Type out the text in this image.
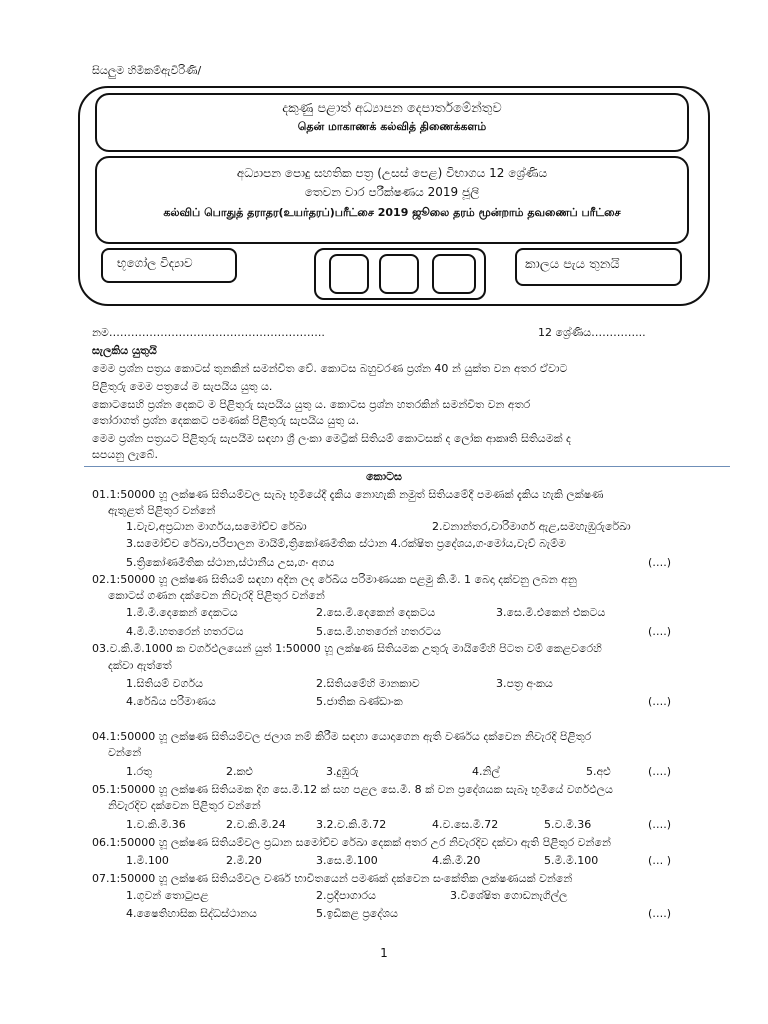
සියලුම හිමිකම්ඇවිරිණි/
දකුණු පළාත් අධ්‍යාපන දෙපාර්තමේන්තුව
தென் மாகாணக் கல்வித் திணைக்களம்
අධ්‍යාපන පොදු සහතික පත්‍ර (උසස් පෙළ) විභාගය 12 ශ්‍රේණිය
තෙවන වාර පරීක්ෂණය 2019 ජූලි
கல்விப் பொதுத் தராதர(உயர்தரப்)பரீட்சை 2019 ஜூலை தரம் மூன்றாம் தவணைப் பரீட்சை
භූගෝල විද්‍යාව	කාලය පැය තුනයි
නම…………………………………………………..	12 ශ්‍රේණිය…………...
සැලකිය යුතුයි
මෙම ප්‍රශ්න පත්‍රය කොටස් තුනකින් සමන්විත වේ. කොටස බහුවරණ ප්‍රශ්න 40 න් යුක්ත වන අතර ඒවාට
පිළිතුරු මෙම පත්‍රයේ ම සැපයිය යුතු ය.
කොටසෙහි ප්‍රශ්න දෙකට ම පිළිතුරු සැපයිය යුතු ය. කොටස ප්‍රශ්න හතරකින් සමන්විත වන අතර
තෝරාගත් ප්‍රශ්න දෙකකට පමණක් පිළිතුරු සැපයිය යුතු ය.
මෙම ප්‍රශ්න පත්‍රයට පිළිතුරු සැපයීම සඳහා ශ්‍රී ලංකා මෙට්‍රික් සිතියම් කොටසක් ද ලෝක ආකෘති සිතියමක් ද
සපයනු ලැබේ.
කොටස
01.1:50000 හූ ලක්ෂණ සිතියම්වල සැබෑ භූමියේදී දැකිය නොහැකි නමුත් සිතියමේදී පමණක් දැකිය හැකි ලක්ෂණ
ඇතුළත් පිළිතුර වන්නේ
1.වැව,අප්‍රධාන මාර්ගය,සමෝච්ච රේඛා	2.වනාන්තර,වාරිමාර්ග ඇළ,සමහැඹුරුරේඛා
3.සමෝච්ච රේඛා,පරිපාලන මායිම්,ත්‍රිකෝණමිතික ස්ථාන 4.රක්ෂිත ප්‍රදේශය,ගංමෝය,වැව් බැම්ම
5.ත්‍රිකෝණමිතික ස්ථාන,ස්ථානීය උස,ගං අගය	(….)
02.1:50000 හූ ලක්ෂණ සිතියම් සඳහා අදින ලද රේඛීය පරිමාණයක පළමු කි.මී. 1 බෙදා දක්වනු ලබන අනු
කොටස් ගණන දක්වෙන නිවැරදි පිළිතුර වන්නේ
1.මී.මී.දෙකෙන් දෙකටය	2.සෙ.මී.දෙකෙන් දෙකටය	3.සෙ.මී.එකෙන් එකටය
4.මී.මී.හතරෙන් හතරටය	5.සෙ.මී.හතරෙන් හතරටය	(….)
03.ව.කි.මී.1000 ක වර්ගඵලයෙන් යුත් 1:50000 හූ ලක්ෂණ සිතියමක උතුරු මායිමේහි පිටත වම් කෙළවරෙහි
දක්වා ඇත්තේ
1.සිතියම් වර්ගය	2.සිතියමේහි මානකාව	3.පත්‍ර අංකය
4.රේඛීය පරිමාණය	5.ජාතික ඛණ්ඩාංක	(….)
04.1:50000 හූ ලක්ෂණ සිතියම්වල ජලාශ නම් කිරීම සඳහා යොදාගෙන ඇති වර්ණය දක්වෙන නිවැරදි පිළිතුර
වන්නේ
1.රතු	2.කළු	3.දුඹුරු	4.නිල්	5.අළු	(….)
05.1:50000 හූ ලක්ෂණ සිතියමක දිග සෙ.මී.12 ක් සහ පළල සෙ.මී. 8 ක් වන ප්‍රදේශයක සැබෑ භූමියේ වර්ගඵලය
නිවැරදිව දක්වෙන පිළිතුර වන්නේ
1.ව.කි.මී.36	2.ව.කි.මී.24	3.2.ව.කි.මී.72	4.ව.සෙ.මී.72	5.ව.මී.36	(….)
06.1:50000 හූ ලක්ෂණ සිතියම්වල ප්‍රධාන සමෝච්ච රේඛා දෙකක් අතර උර නිවැරදිව දක්වා ඇති පිළිතුර වන්නේ
1.මී.100	2.මී.20	3.සෙ.මී.100	4.කි.මී.20	5.මී.මී.100	(… )
07.1:50000 හූ ලක්ෂණ සිතියම්වල වර්ණ භාවිතයෙන් පමණක් දක්වෙන සංකේතික ලක්ෂණයක් වන්නේ
1.ගුවන් තොටුපළ	2.ප්‍රදීපාගාරය	3.විශේෂිත ගොඩනැගිල්ල
4.ෂෛතිහාසික සිද්ධස්ථානය	5.ඉඩිකළ ප්‍රදේශය	(….)
1
